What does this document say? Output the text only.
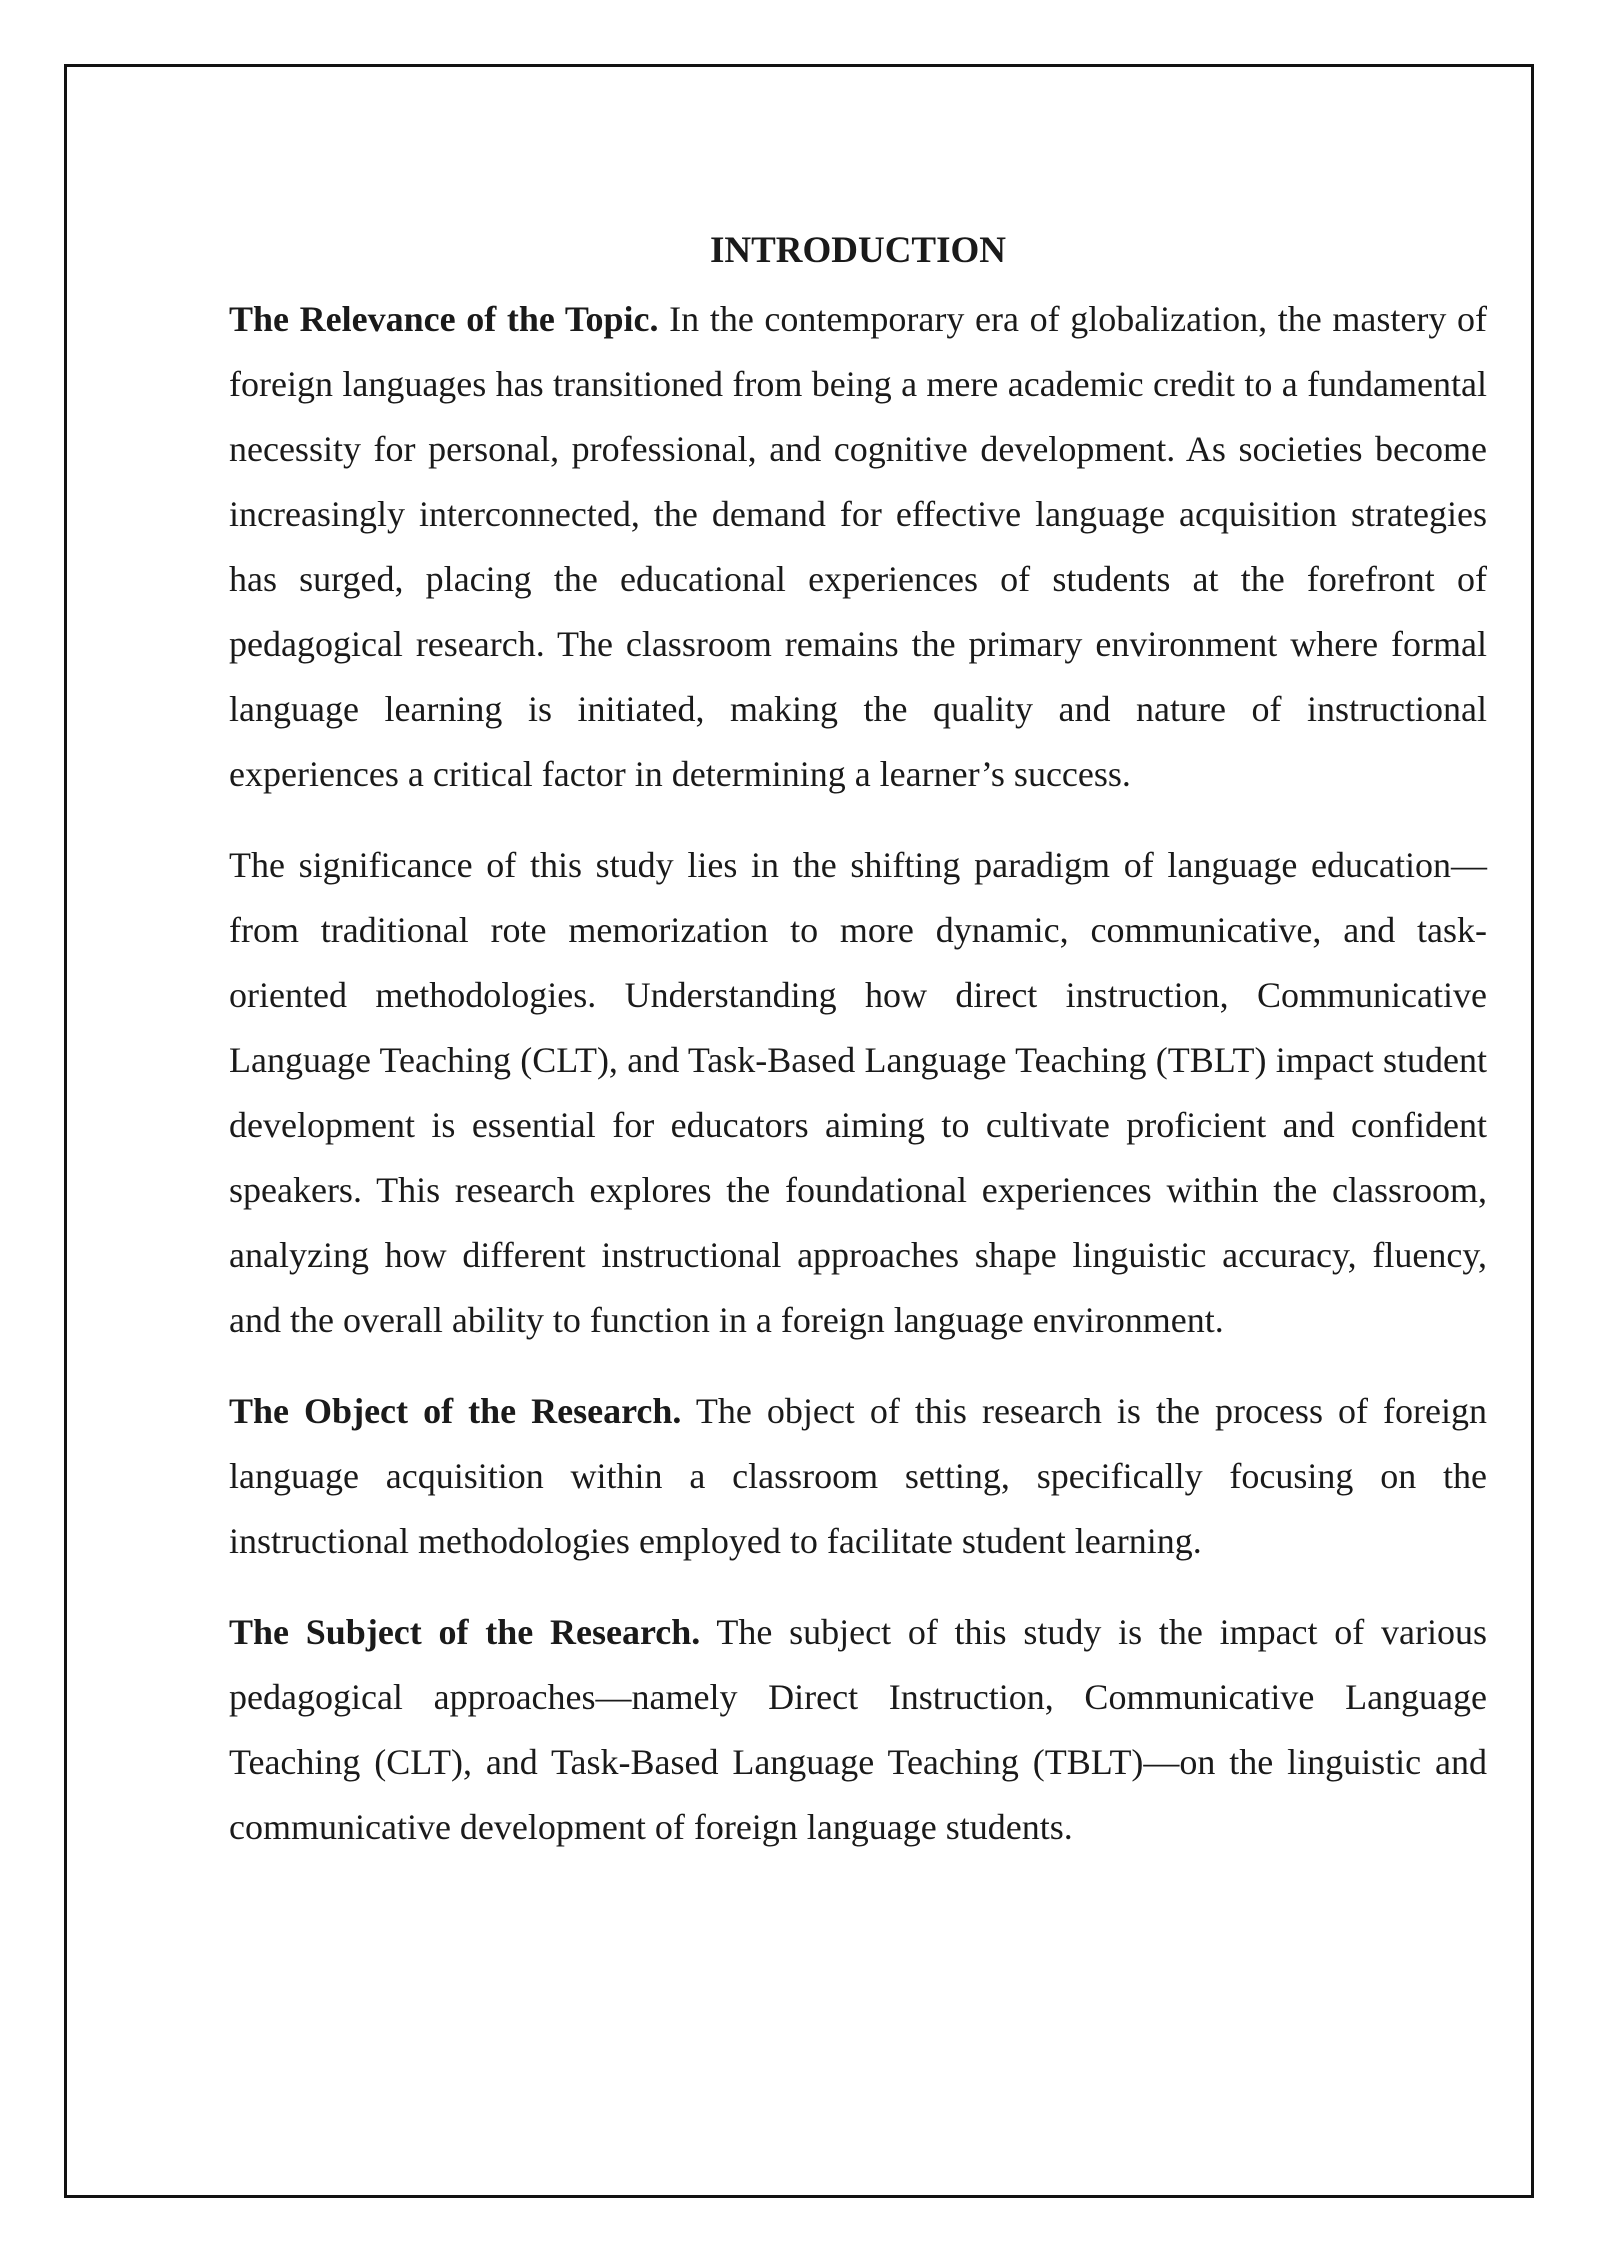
INTRODUCTION

The Relevance of the Topic. In the contemporary era of globalization, the mastery of foreign languages has transitioned from being a mere academic credit to a fundamental necessity for personal, professional, and cognitive development. As societies become increasingly interconnected, the demand for effective language acquisition strategies has surged, placing the educational experiences of students at the forefront of pedagogical research. The classroom remains the primary environment where formal language learning is initiated, making the quality and nature of instructional experiences a critical factor in determining a learner’s success.

The significance of this study lies in the shifting paradigm of language education—from traditional rote memorization to more dynamic, communicative, and task-oriented methodologies. Understanding how direct instruction, Communicative Language Teaching (CLT), and Task-Based Language Teaching (TBLT) impact student development is essential for educators aiming to cultivate proficient and confident speakers. This research explores the foundational experiences within the classroom, analyzing how different instructional approaches shape linguistic accuracy, fluency, and the overall ability to function in a foreign language environment.

The Object of the Research. The object of this research is the process of foreign language acquisition within a classroom setting, specifically focusing on the instructional methodologies employed to facilitate student learning.

The Subject of the Research. The subject of this study is the impact of various pedagogical approaches—namely Direct Instruction, Communicative Language Teaching (CLT), and Task-Based Language Teaching (TBLT)—on the linguistic and communicative development of foreign language students.
